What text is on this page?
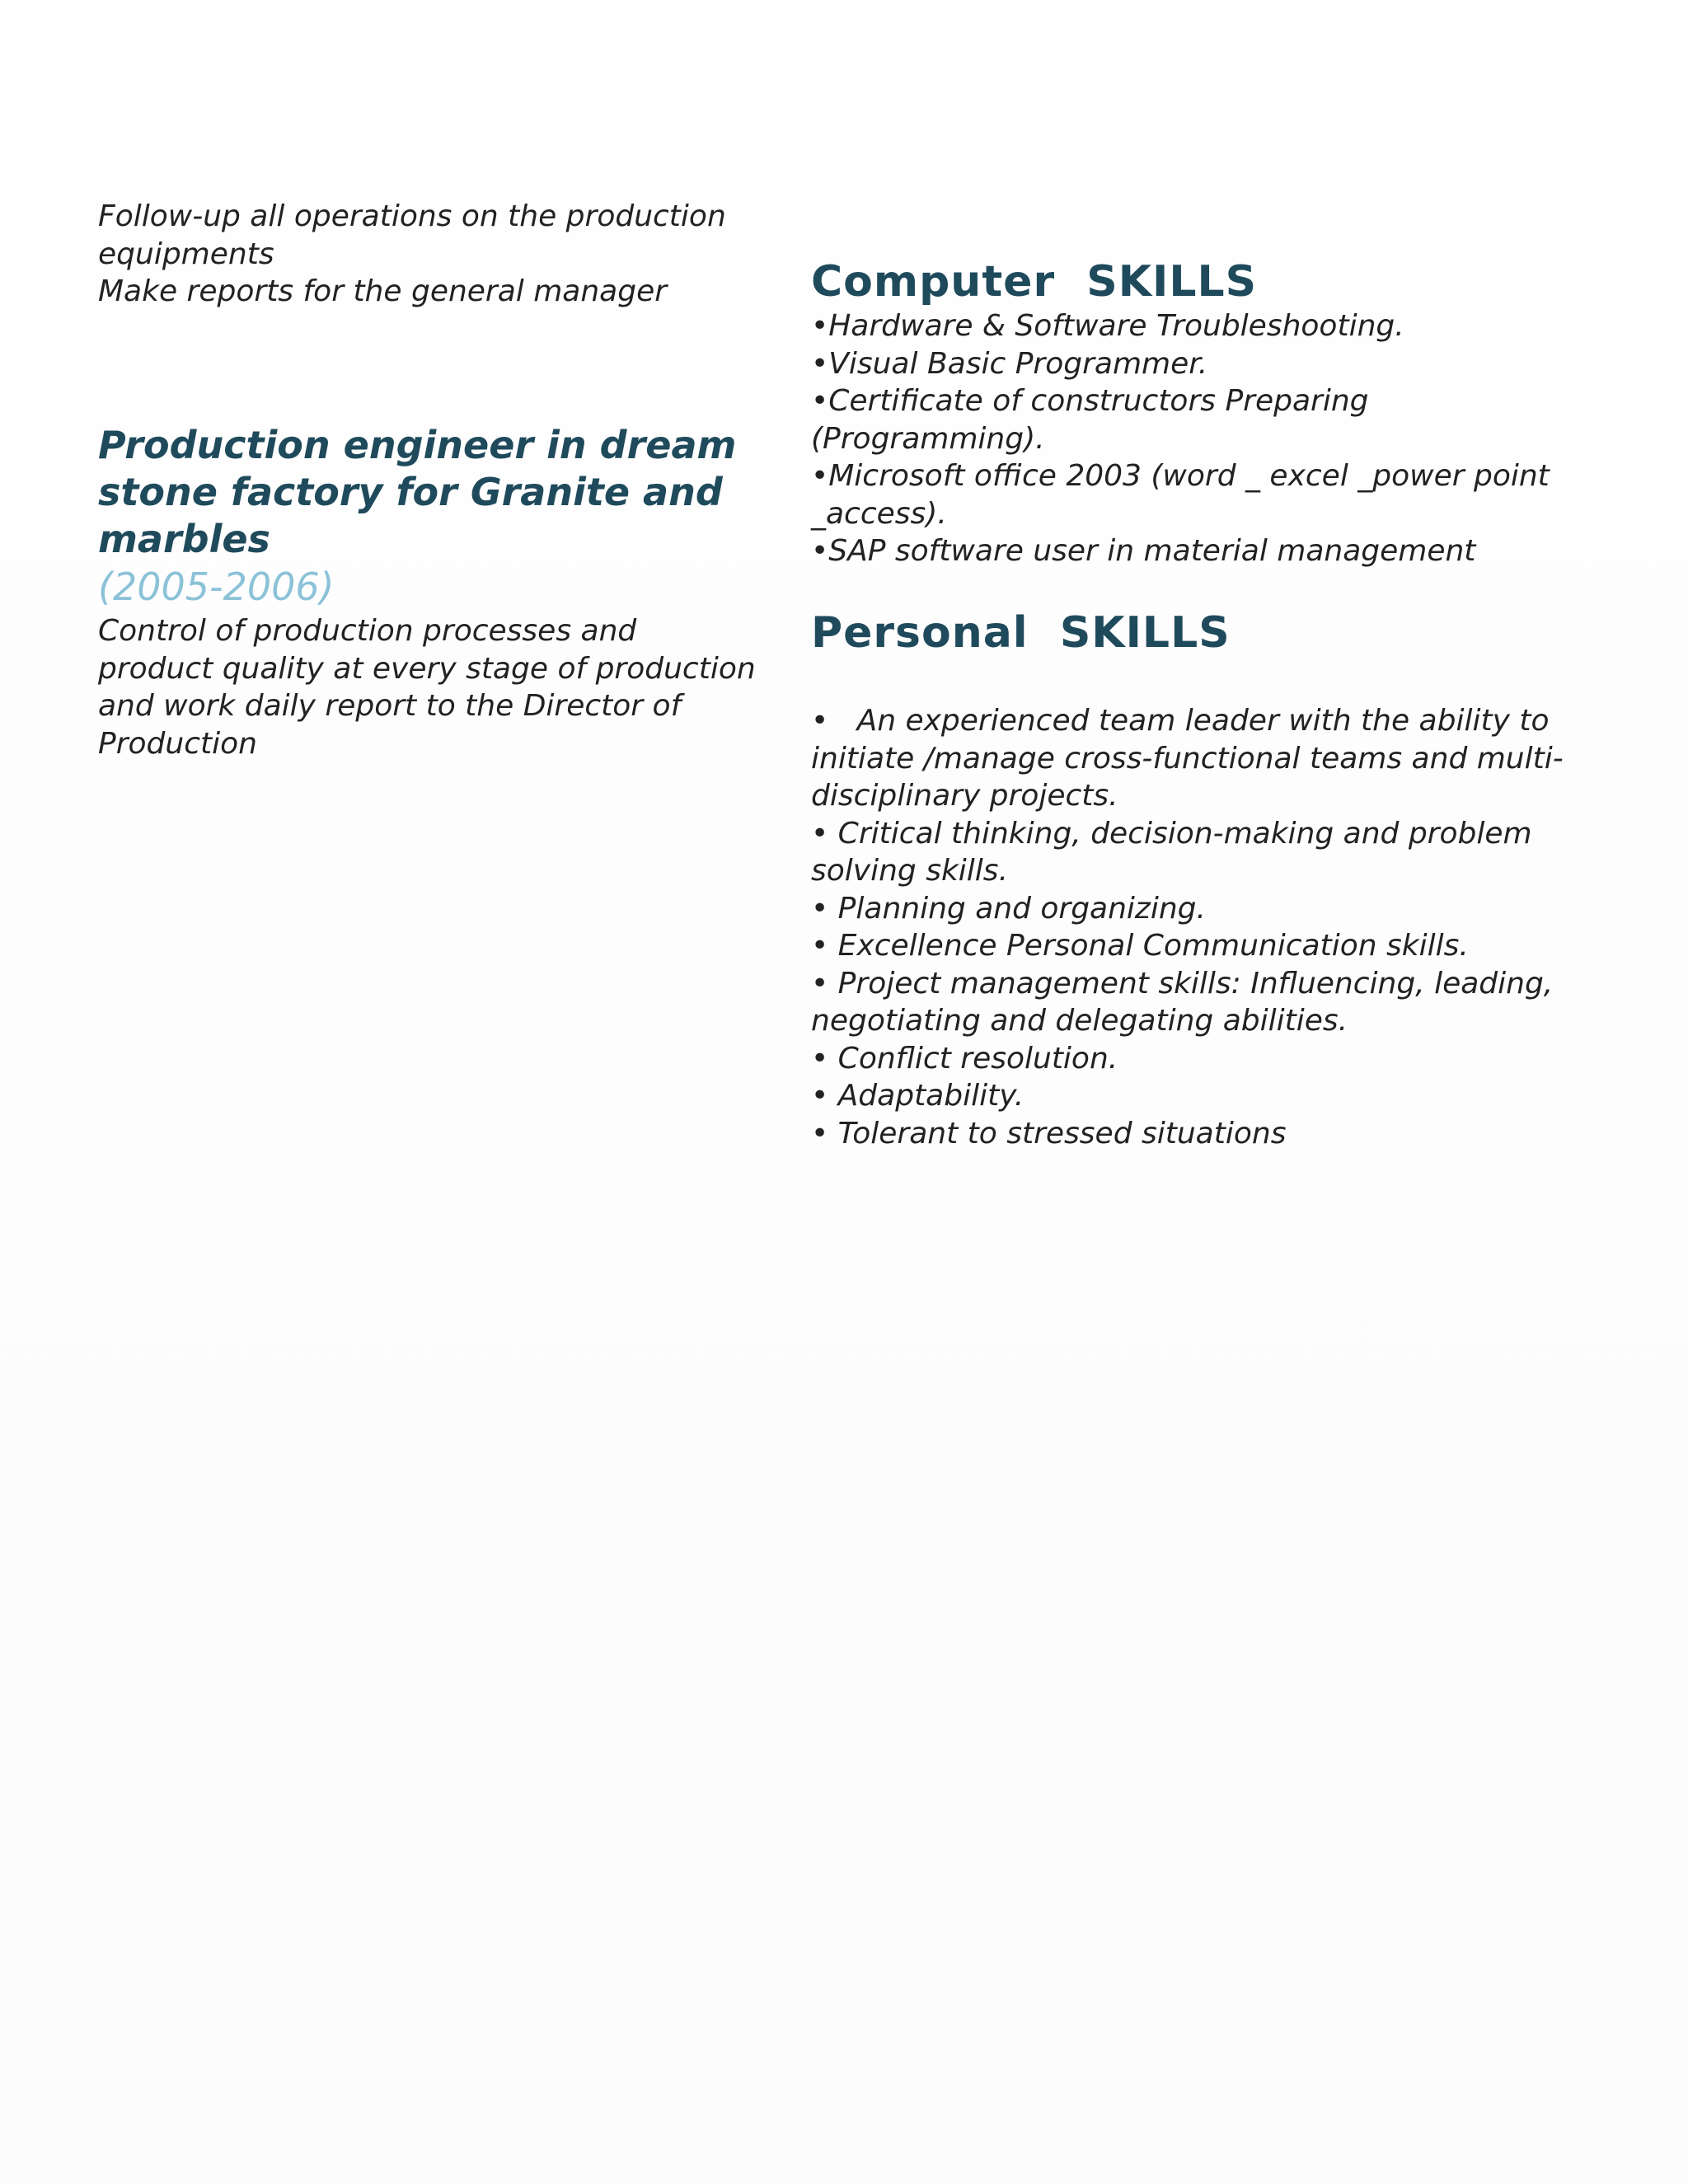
Follow-up all operations on the production

equipments

Make reports for the general manager

Production engineer in dream
stone factory for Granite and
marbles

(2005-2006)

Control of production processes and

product quality at every stage of production

and work daily report to the Director of

Production

Computer  SKILLS

•Hardware & Software Troubleshooting.

•Visual Basic Programmer.

•Certificate of constructors Preparing

(Programming).

•Microsoft office 2003 (word _ excel _power point

_access).

•SAP software user in material management

Personal  SKILLS

•   An experienced team leader with the ability to

initiate /manage cross-functional teams and multi-

disciplinary projects.

• Critical thinking, decision-making and problem

solving skills.

• Planning and organizing.

• Excellence Personal Communication skills.

• Project management skills: Influencing, leading,

negotiating and delegating abilities.

• Conflict resolution.

• Adaptability.

• Tolerant to stressed situations
